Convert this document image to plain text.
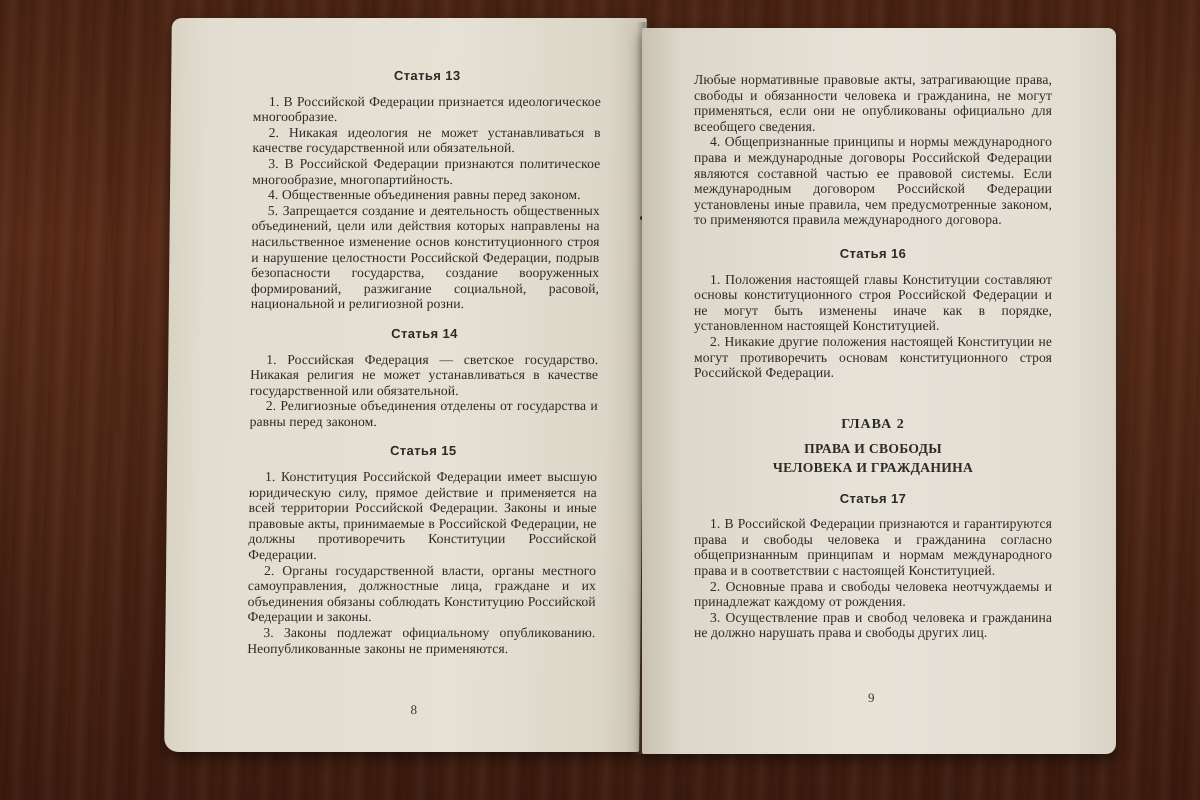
Статья 13

1. В Российской Федерации признается идеологическое многообразие.

2. Никакая идеология не может устанавливаться в качестве государственной или обязательной.

3. В Российской Федерации признаются политическое многообразие, многопартийность.

4. Общественные объединения равны перед законом.

5. Запрещается создание и деятельность общественных объединений, цели или действия которых направлены на насильственное изменение основ конституционного строя и нарушение целостности Российской Федерации, подрыв безопасности государства, создание вооруженных формирований, разжигание социальной, расовой, национальной и религиозной розни.

Статья 14

1. Российская Федерация — светское государство. Никакая религия не может устанавливаться в качестве государственной или обязательной.

2. Религиозные объединения отделены от государства и равны перед законом.

Статья 15

1. Конституция Российской Федерации имеет высшую юридическую силу, прямое действие и применяется на всей территории Российской Федерации. Законы и иные правовые акты, принимаемые в Российской Федерации, не должны противоречить Конституции Российской Федерации.

2. Органы государственной власти, органы местного самоуправления, должностные лица, граждане и их объединения обязаны соблюдать Конституцию Российской Федерации и законы.

3. Законы подлежат официальному опубликованию. Неопубликованные законы не применяются.

8

Любые нормативные правовые акты, затрагивающие права, свободы и обязанности человека и гражданина, не могут применяться, если они не опубликованы официально для всеобщего сведения.

4. Общепризнанные принципы и нормы международного права и международные договоры Российской Федерации являются составной частью ее правовой системы. Если международным договором Российской Федерации установлены иные правила, чем предусмотренные законом, то применяются правила международного договора.

Статья 16

1. Положения настоящей главы Конституции составляют основы конституционного строя Российской Федерации и не могут быть изменены иначе как в порядке, установленном настоящей Конституцией.

2. Никакие другие положения настоящей Конституции не могут противоречить основам конституционного строя Российской Федерации.

ГЛАВА 2
ПРАВА И СВОБОДЫ
ЧЕЛОВЕКА И ГРАЖДАНИНА
Статья 17

1. В Российской Федерации признаются и гарантируются права и свободы человека и гражданина согласно общепризнанным принципам и нормам международного права и в соответствии с настоящей Конституцией.

2. Основные права и свободы человека неотчуждаемы и принадлежат каждому от рождения.

3. Осуществление прав и свобод человека и гражданина не должно нарушать права и свободы других лиц.

9
